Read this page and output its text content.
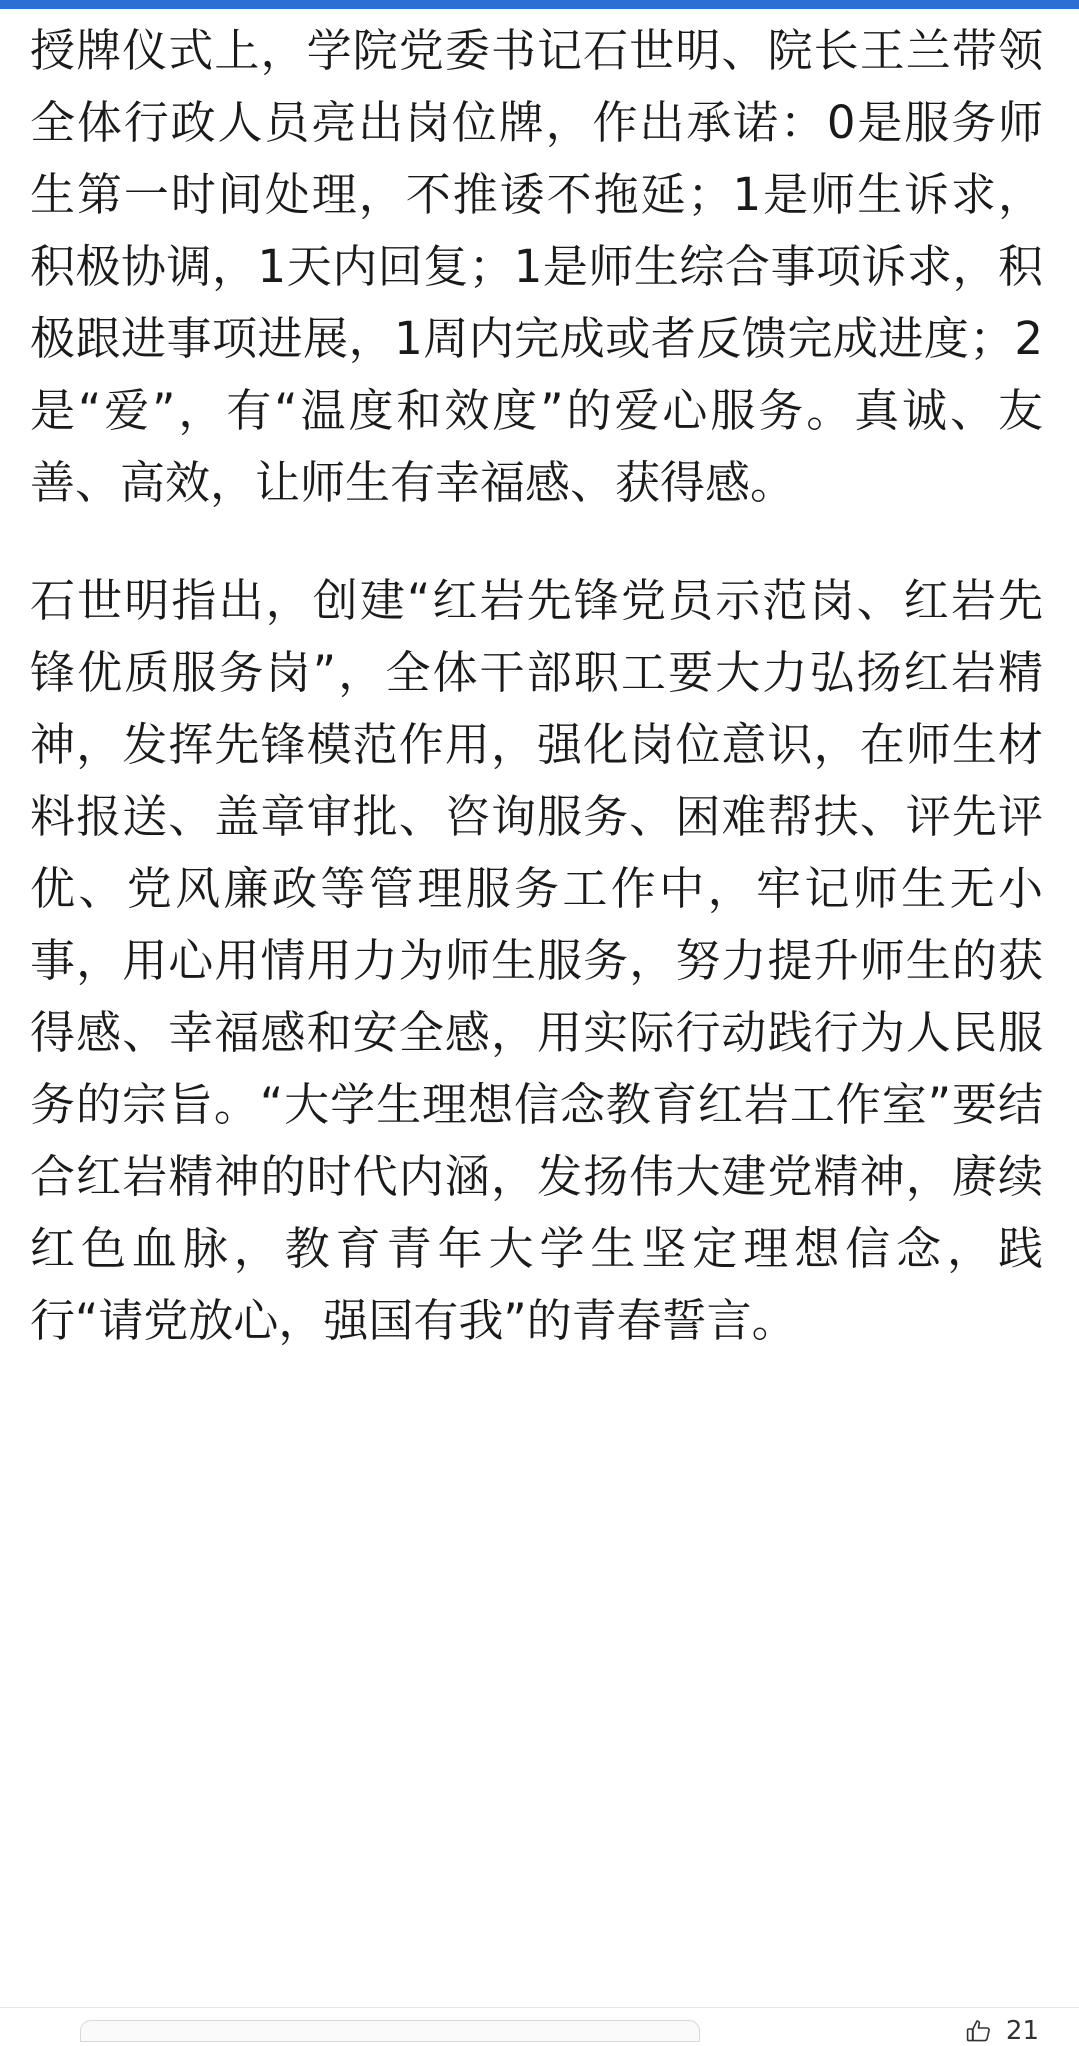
授牌仪式上，学院党委书记石世明、院长王兰带领全体行政人员亮出岗位牌，作出承诺：0是服务师生第一时间处理，不推诿不拖延；1是师生诉求，积极协调，1天内回复；1是师生综合事项诉求，积极跟进事项进展，1周内完成或者反馈完成进度；2是“爱”，有“温度和效度”的爱心服务。真诚、友善、高效，让师生有幸福感、获得感。

石世明指出，创建“红岩先锋党员示范岗、红岩先锋优质服务岗”，全体干部职工要大力弘扬红岩精神，发挥先锋模范作用，强化岗位意识，在师生材料报送、盖章审批、咨询服务、困难帮扶、评先评优、党风廉政等管理服务工作中，牢记师生无小事，用心用情用力为师生服务，努力提升师生的获得感、幸福感和安全感，用实际行动践行为人民服务的宗旨。“大学生理想信念教育红岩工作室”要结合红岩精神的时代内涵，发扬伟大建党精神，赓续红色血脉，教育青年大学生坚定理想信念，践行“请党放心，强国有我”的青春誓言。

21
